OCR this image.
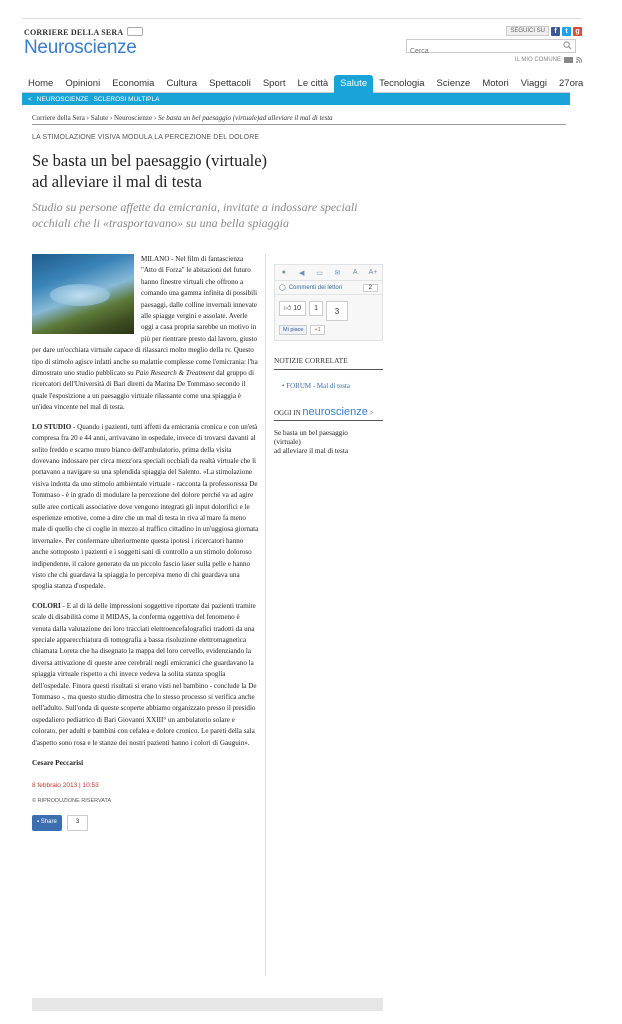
CORRIERE DELLA SERA
Neuroscienze
SEGUICI SU	f	t	g
Cerca
IL MIO COMUNE
Home	Opinioni	Economia	Cultura	Spettacoli	Sport	Le città	Salute	Tecnologia	Scienze	Motori	Viaggi	27ora
< NEUROSCIENZE SCLEROSI MULTIPLA
Corriere della Sera › Salute › Neuroscienze › Se basta un bel paesaggio (virtuale)ad alleviare il mal di testa
LA STIMOLAZIONE VISIVA MODULA LA PERCEZIONE DEL DOLORE
Se basta un bel paesaggio (virtuale)
ad alleviare il mal di testa
Studio su persone affette da emicrania, invitate a indossare speciali occhiali che li «trasportavano» su una bella spiaggia

MILANO - Nel film di fantascienza "Atto di Forza" le abitazioni del futuro hanno finestre virtuali che offrono a comando una gamma infinita di possibili paesaggi, dalle colline invernali innevate alle spiagge vergini e assolate. Averle oggi a casa propria sarebbe un motivo in più per rientrare presto dal lavoro, giusto per dare un'occhiata virtuale capace di rilassarci molto meglio della tv. Questo tipo di stimolo agisce infatti anche su malattie complesse come l'emicrania: l'ha dimostrato uno studio pubblicato su Pain Research & Treatment dal gruppo di ricercatori dell'Università di Bari diretti da Marina De Tommaso secondo il quale l'esposizione a un paesaggio virtuale rilassante come una spiaggia è un'idea vincente nel mal di testa.

LO STUDIO - Quando i pazienti, tutti affetti da emicrania cronica e con un'età compresa fra 20 e 44 anni, arrivavano in ospedale, invece di trovarsi davanti al solito freddo e scarno muro bianco dell'ambulatorio, prima della visita dovevano indossare per circa mezz'ora speciali occhiali da realtà virtuale che li portavano a navigare su una splendida spiaggia del Salento. «La stimolazione visiva indotta da uno stimolo ambientale virtuale - racconta la professoressa De Tommaso - è in grado di modulare la percezione del dolore perché va ad agire sulle aree corticali associative dove vengono integrati gli input dolorifici e le esperienze emotive, come a dire che un mal di testa in riva al mare fa meno male di quello che ci coglie in mezzo al traffico cittadino in un'uggiosa giornata invernale». Per confermare ulteriormente questa ipotesi i ricercatori hanno anche sottoposto i pazienti e i soggetti sani di controllo a un stimolo doloroso indipendente, il calore generato da un piccolo fascio laser sulla pelle e hanno visto che chi guardava la spiaggia lo percepiva meno di chi guardava una spoglia stanza d'ospedale.

COLORI - E al di là delle impressioni soggettive riportate dai pazienti tramite scale di disabilità come il MIDAS, la conferma oggettiva del fenomeno è venuta dalla valutazione dei loro tracciati elettroencefalografici tradotti da una speciale apparecchiatura di tomografia a bassa risoluzione elettromagnetica chiamata Loreta che ha disegnato la mappa del loro cervello, evidenziando la diversa attivazione di queste aree cerebrali negli emicranici che guardavano la spiaggia virtuale rispetto a chi invece vedeva la solita stanza spoglia dell'ospedale. Finora questi risultati si erano visti nel bambino - conclude la De Tommaso -, ma questo studio dimostra che lo stesso processo si verifica anche nell'adulto. Sull'onda di queste scoperte abbiamo organizzato presso il presidio ospedaliero pediatrico di Bari Giovanni XXIII° un ambulatorio solare e colorato, per adulti e bambini con cefalea e dolore cronico. Le pareti della sala d'aspetto sono rosa e le stanze dei nostri pazienti hanno i colori di Gauguin».

Cesare Peccarisi
8 febbraio 2013 | 10:53
© RIPRODUZIONE RISERVATA
▪ Share	3
●	◀	▭ ✉	A	A+
◯ Commenti dei lettori	2
👍︎ 10	1	3
Mi piace	+1
NOTIZIE CORRELATE
• FORUM - Mal di testa
OGGI IN neuroscienze >
Se basta un bel paesaggio
(virtuale)
ad alleviare il mal di testa
